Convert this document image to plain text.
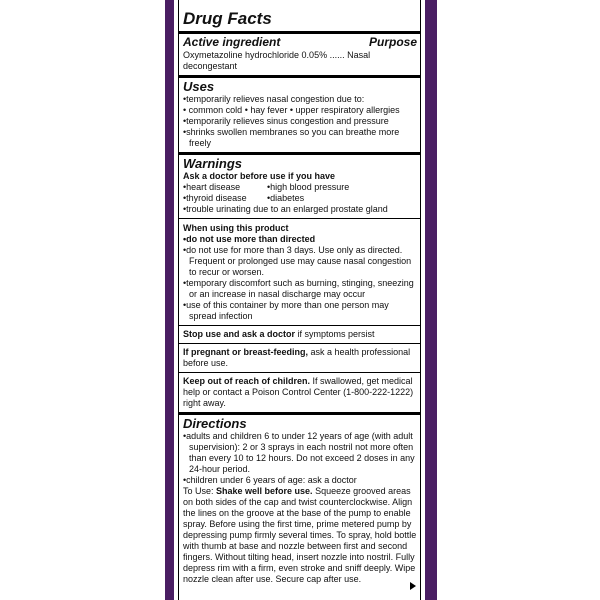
Drug Facts
Active ingredient	Purpose
Oxymetazoline hydrochloride 0.05% ...... Nasal decongestant
Uses
• temporarily relieves nasal congestion due to:
• common cold • hay fever • upper respiratory allergies
• temporarily relieves sinus congestion and pressure
• shrinks swollen membranes so you can breathe more freely
Warnings
Ask a doctor before use if you have
• heart disease	• high blood pressure
• thyroid disease	• diabetes
• trouble urinating due to an enlarged prostate gland
When using this product
• do not use more than directed
• do not use for more than 3 days. Use only as directed. Frequent or prolonged use may cause nasal congestion to recur or worsen.
• temporary discomfort such as burning, stinging, sneezing or an increase in nasal discharge may occur
• use of this container by more than one person may spread infection
Stop use and ask a doctor if symptoms persist
If pregnant or breast-feeding, ask a health professional before use.
Keep out of reach of children. If swallowed, get medical help or contact a Poison Control Center (1-800-222-1222) right away.
Directions
• adults and children 6 to under 12 years of age (with adult supervision): 2 or 3 sprays in each nostril not more often than every 10 to 12 hours. Do not exceed 2 doses in any 24-hour period.
• children under 6 years of age: ask a doctor
To Use: Shake well before use. Squeeze grooved areas on both sides of the cap and twist counterclockwise. Align the lines on the groove at the base of the pump to enable spray. Before using the first time, prime metered pump by depressing pump firmly several times. To spray, hold bottle with thumb at base and nozzle between first and second fingers. Without tilting head, insert nozzle into nostril. Fully depress rim with a firm, even stroke and sniff deeply. Wipe nozzle clean after use. Secure cap after use.
